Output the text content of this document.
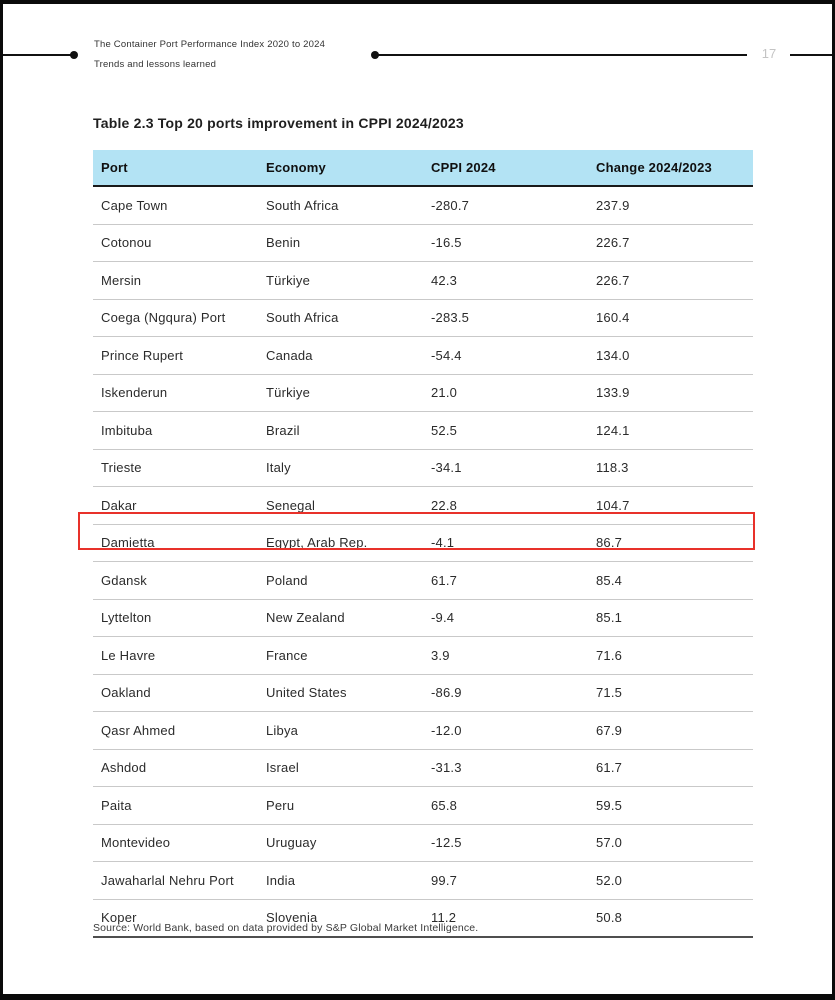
The Container Port Performance Index 2020 to 2024
Trends and lessons learned
17
Table 2.3 Top 20 ports improvement in CPPI 2024/2023
Port	Economy	CPPI 2024	Change 2024/2023
Cape Town	South Africa	-280.7	237.9
Cotonou	Benin	-16.5	226.7
Mersin	Türkiye	42.3	226.7
Coega (Ngqura) Port	South Africa	-283.5	160.4
Prince Rupert	Canada	-54.4	134.0
Iskenderun	Türkiye	21.0	133.9
Imbituba	Brazil	52.5	124.1
Trieste	Italy	-34.1	118.3
Dakar	Senegal	22.8	104.7
Damietta	Egypt, Arab Rep.	-4.1	86.7
Gdansk	Poland	61.7	85.4
Lyttelton	New Zealand	-9.4	85.1
Le Havre	France	3.9	71.6
Oakland	United States	-86.9	71.5
Qasr Ahmed	Libya	-12.0	67.9
Ashdod	Israel	-31.3	61.7
Paita	Peru	65.8	59.5
Montevideo	Uruguay	-12.5	57.0
Jawaharlal Nehru Port	India	99.7	52.0
Koper	Slovenia	11.2	50.8
Source: World Bank, based on data provided by S&P Global Market Intelligence.
